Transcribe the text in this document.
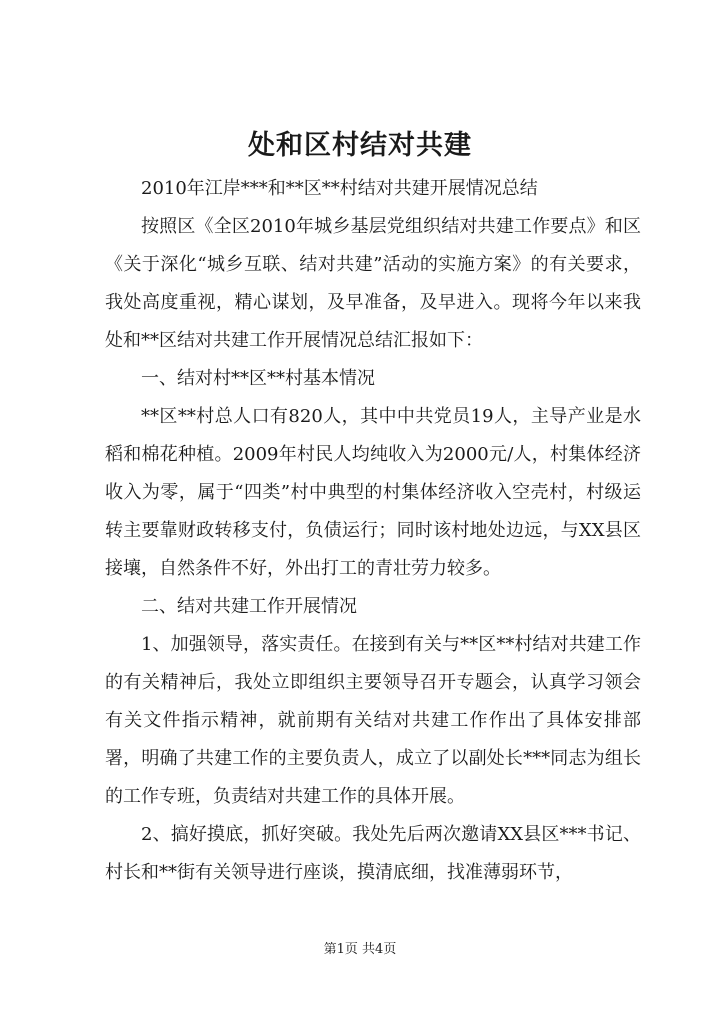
处和区村结对共建

2010年江岸***和**区**村结对共建开展情况总结

按照区《全区2010年城乡基层党组织结对共建工作要点》和区《关于深化“城乡互联、结对共建”活动的实施方案》的有关要求，我处高度重视，精心谋划，及早准备，及早进入。现将今年以来我处和**区结对共建工作开展情况总结汇报如下：

一、结对村**区**村基本情况

**区**村总人口有820人，其中中共党员19人，主导产业是水稻和棉花种植。2009年村民人均纯收入为2000元/人，村集体经济收入为零，属于“四类”村中典型的村集体经济收入空壳村，村级运转主要靠财政转移支付，负债运行；同时该村地处边远，与XX县区接壤，自然条件不好，外出打工的青壮劳力较多。

二、结对共建工作开展情况

1、加强领导，落实责任。在接到有关与**区**村结对共建工作的有关精神后，我处立即组织主要领导召开专题会，认真学习领会有关文件指示精神，就前期有关结对共建工作作出了具体安排部署，明确了共建工作的主要负责人，成立了以副处长***同志为组长的工作专班，负责结对共建工作的具体开展。

2、搞好摸底，抓好突破。我处先后两次邀请XX县区***书记、村长和**街有关领导进行座谈，摸清底细，找准薄弱环节，

第1页 共4页
